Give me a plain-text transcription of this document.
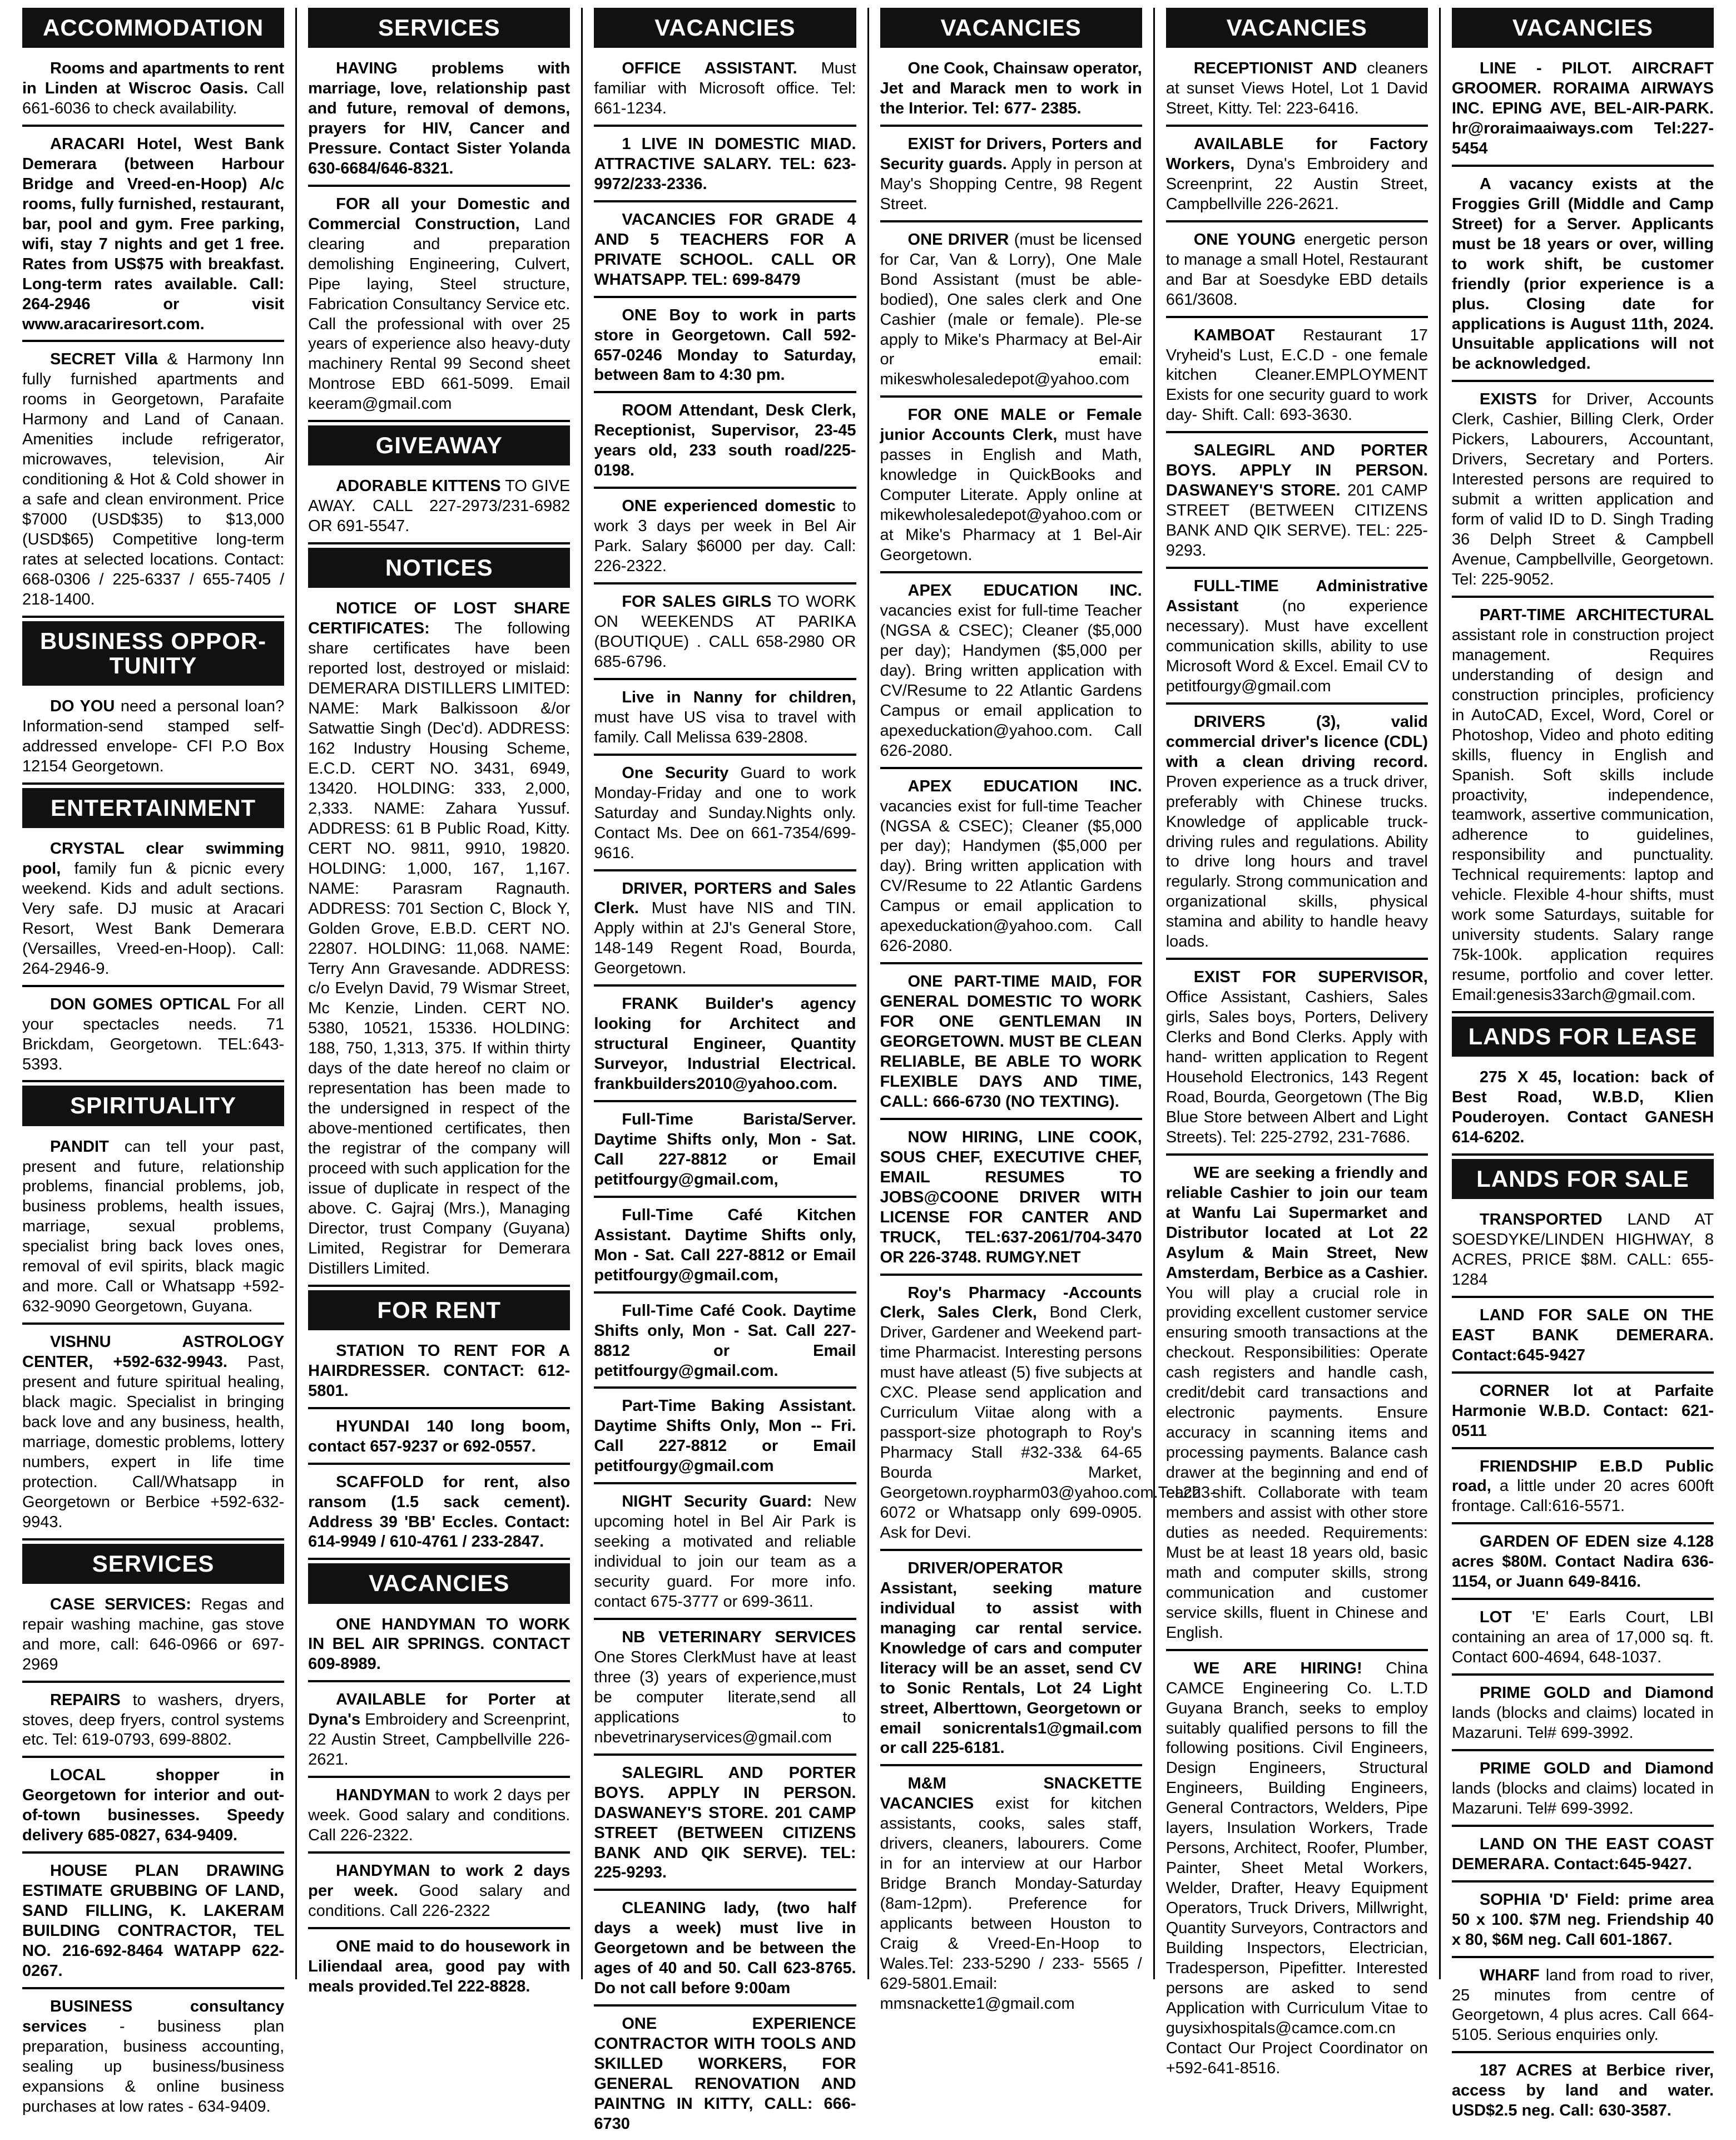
ACCOMMODATION

Rooms and apartments to rent in Linden at Wiscroc Oasis. Call 661-6036 to check availability.

ARACARI Hotel, West Bank Demerara (between Harbour Bridge and Vreed-en-Hoop) A/c rooms, fully furnished, restaurant, bar, pool and gym. Free parking, wifi, stay 7 nights and get 1 free. Rates from US$75 with breakfast. Long-term rates available. Call: 264-2946 or visit www.aracariresort.com.

SECRET Villa & Harmony Inn fully furnished apartments and rooms in Georgetown, Parafaite Harmony and Land of Canaan. Amenities include refrigerator, microwaves, television, Air conditioning & Hot & Cold shower in a safe and clean environment. Price $7000 (USD$35) to $13,000 (USD$65) Competitive long-term rates at selected locations. Contact: 668-0306 / 225-6337 / 655-7405 / 218-1400.

BUSINESS OPPOR-TUNITY

DO YOU need a personal loan? Information-send stamped self-addressed envelope- CFI P.O Box 12154 Georgetown.

ENTERTAINMENT

CRYSTAL clear swimming pool, family fun & picnic every weekend. Kids and adult sections. Very safe. DJ music at Aracari Resort, West Bank Demerara (Versailles, Vreed-en-Hoop). Call: 264-2946-9.

DON GOMES OPTICAL For all your spectacles needs. 71 Brickdam, Georgetown. TEL:643-5393.

SPIRITUALITY

PANDIT can tell your past, present and future, relationship problems, financial problems, job, business problems, health issues, marriage, sexual problems, specialist bring back loves ones, removal of evil spirits, black magic and more. Call or Whatsapp +592-632-9090 Georgetown, Guyana.

VISHNU ASTROLOGY CENTER, +592-632-9943. Past, present and future spiritual healing, black magic. Specialist in bringing back love and any business, health, marriage, domestic problems, lottery numbers, expert in life time protection. Call/Whatsapp in Georgetown or Berbice +592-632-9943.

SERVICES

CASE SERVICES: Regas and repair washing machine, gas stove and more, call: 646-0966 or 697-2969

REPAIRS to washers, dryers, stoves, deep fryers, control systems etc. Tel: 619-0793, 699-8802.

LOCAL shopper in Georgetown for interior and out-of-town businesses. Speedy delivery 685-0827, 634-9409.

HOUSE PLAN DRAWING ESTIMATE GRUBBING OF LAND, SAND FILLING, K. LAKERAM BUILDING CONTRACTOR, TEL NO. 216-692-8464 WATAPP 622-0267.

BUSINESS consultancy services - business plan preparation, business accounting, sealing up business/business expansions & online business purchases at low rates - 634-9409.

SERVICES

HAVING problems with marriage, love, relationship past and future, removal of demons, prayers for HIV, Cancer and Pressure. Contact Sister Yolanda 630-6684/646-8321.

FOR all your Domestic and Commercial Construction, Land clearing and preparation demolishing Engineering, Culvert, Pipe laying, Steel structure, Fabrication Consultancy Service etc. Call the professional with over 25 years of experience also heavy-duty machinery Rental 99 Second sheet Montrose EBD 661-5099. Email keeram@gmail.com

GIVEAWAY

ADORABLE KITTENS TO GIVE AWAY. CALL 227-2973/231-6982 OR 691-5547.

NOTICES

NOTICE OF LOST SHARE CERTIFICATES: The following share certificates have been reported lost, destroyed or mislaid: DEMERARA DISTILLERS LIMITED: NAME: Mark Balkissoon &/or Satwattie Singh (Dec'd). ADDRESS: 162 Industry Housing Scheme, E.C.D. CERT NO. 3431, 6949, 13420. HOLDING: 333, 2,000, 2,333. NAME: Zahara Yussuf. ADDRESS: 61 B Public Road, Kitty. CERT NO. 9811, 9910, 19820. HOLDING: 1,000, 167, 1,167. NAME: Parasram Ragnauth. ADDRESS: 701 Section C, Block Y, Golden Grove, E.B.D. CERT NO. 22807. HOLDING: 11,068. NAME: Terry Ann Gravesande. ADDRESS: c/o Evelyn David, 79 Wismar Street, Mc Kenzie, Linden. CERT NO. 5380, 10521, 15336. HOLDING: 188, 750, 1,313, 375. If within thirty days of the date hereof no claim or representation has been made to the undersigned in respect of the above-mentioned certificates, then the registrar of the company will proceed with such application for the issue of duplicate in respect of the above. C. Gajraj (Mrs.), Managing Director, trust Company (Guyana) Limited, Registrar for Demerara Distillers Limited.

FOR RENT

STATION TO RENT FOR A HAIRDRESSER. CONTACT: 612-5801.

HYUNDAI 140 long boom, contact 657-9237 or 692-0557.

SCAFFOLD for rent, also ransom (1.5 sack cement). Address 39 'BB' Eccles. Contact: 614-9949 / 610-4761 / 233-2847.

VACANCIES

ONE HANDYMAN TO WORK IN BEL AIR SPRINGS. CONTACT 609-8989.

AVAILABLE for Porter at Dyna's Embroidery and Screenprint, 22 Austin Street, Campbellville 226-2621.

HANDYMAN to work 2 days per week. Good salary and conditions. Call 226-2322.

HANDYMAN to work 2 days per week. Good salary and conditions. Call 226-2322

ONE maid to do housework in Liliendaal area, good pay with meals provided.Tel 222-8828.

VACANCIES

OFFICE ASSISTANT. Must familiar with Microsoft office. Tel: 661-1234.

1 LIVE IN DOMESTIC MIAD. ATTRACTIVE SALARY. TEL: 623-9972/233-2336.

VACANCIES FOR GRADE 4 AND 5 TEACHERS FOR A PRIVATE SCHOOL. CALL OR WHATSAPP. TEL: 699-8479

ONE Boy to work in parts store in Georgetown. Call 592-657-0246 Monday to Saturday, between 8am to 4:30 pm.

ROOM Attendant, Desk Clerk, Receptionist, Supervisor, 23-45 years old, 233 south road/225-0198.

ONE experienced domestic to work 3 days per week in Bel Air Park. Salary $6000 per day. Call: 226-2322.

FOR SALES GIRLS TO WORK ON WEEKENDS AT PARIKA (BOUTIQUE) . CALL 658-2980 OR 685-6796.

Live in Nanny for children, must have US visa to travel with family. Call Melissa 639-2808.

One Security Guard to work Monday-Friday and one to work Saturday and Sunday.Nights only. Contact Ms. Dee on 661-7354/699-9616.

DRIVER, PORTERS and Sales Clerk. Must have NIS and TIN. Apply within at 2J's General Store, 148-149 Regent Road, Bourda, Georgetown.

FRANK Builder's agency looking for Architect and structural Engineer, Quantity Surveyor, Industrial Electrical. frankbuilders2010@yahoo.com.

Full-Time Barista/Server. Daytime Shifts only, Mon - Sat. Call 227-8812 or Email petitfourgy@gmail.com,

Full-Time Café Kitchen Assistant. Daytime Shifts only, Mon - Sat. Call 227-8812 or Email petitfourgy@gmail.com,

Full-Time Café Cook. Daytime Shifts only, Mon - Sat. Call 227-8812 or Email petitfourgy@gmail.com.

Part-Time Baking Assistant. Daytime Shifts Only, Mon -- Fri. Call 227-8812 or Email petitfourgy@gmail.com

NIGHT Security Guard: New upcoming hotel in Bel Air Park is seeking a motivated and reliable individual to join our team as a security guard. For more info. contact 675-3777 or 699-3611.

NB VETERINARY SERVICES One Stores ClerkMust have at least three (3) years of experience,must be computer literate,send all applications to nbevetrinaryservices@gmail.com

SALEGIRL AND PORTER BOYS. APPLY IN PERSON. DASWANEY'S STORE. 201 CAMP STREET (BETWEEN CITIZENS BANK AND QIK SERVE). TEL: 225-9293.

CLEANING lady, (two half days a week) must live in Georgetown and be between the ages of 40 and 50. Call 623-8765. Do not call before 9:00am

ONE EXPERIENCE CONTRACTOR WITH TOOLS AND SKILLED WORKERS, FOR GENERAL RENOVATION AND PAINTNG IN KITTY, CALL: 666-6730

VACANCIES

One Cook, Chainsaw operator, Jet and Marack men to work in the Interior. Tel: 677- 2385.

EXIST for Drivers, Porters and Security guards. Apply in person at May's Shopping Centre, 98 Regent Street.

ONE DRIVER (must be licensed for Car, Van & Lorry), One Male Bond Assistant (must be able-bodied), One sales clerk and One Cashier (male or female). Ple-se apply to Mike's Pharmacy at Bel-Air or email: mikeswholesaledepot@yahoo.com

FOR ONE MALE or Female junior Accounts Clerk, must have passes in English and Math, knowledge in QuickBooks and Computer Literate. Apply online at mikewholesaledepot@yahoo.com or at Mike's Pharmacy at 1 Bel-Air Georgetown.

APEX EDUCATION INC. vacancies exist for full-time Teacher (NGSA & CSEC); Cleaner ($5,000 per day); Handymen ($5,000 per day). Bring written application with CV/Resume to 22 Atlantic Gardens Campus or email application to apexeduckation@yahoo.com. Call 626-2080.

APEX EDUCATION INC. vacancies exist for full-time Teacher (NGSA & CSEC); Cleaner ($5,000 per day); Handymen ($5,000 per day). Bring written application with CV/Resume to 22 Atlantic Gardens Campus or email application to apexeduckation@yahoo.com. Call 626-2080.

ONE PART-TIME MAID, FOR GENERAL DOMESTIC TO WORK FOR ONE GENTLEMAN IN GEORGETOWN. MUST BE CLEAN RELIABLE, BE ABLE TO WORK FLEXIBLE DAYS AND TIME, CALL: 666-6730 (NO TEXTING).

NOW HIRING, LINE COOK, SOUS CHEF, EXECUTIVE CHEF, EMAIL RESUMES TO JOBS@COONE DRIVER WITH LICENSE FOR CANTER AND TRUCK, TEL:637-2061/704-3470 OR 226-3748. RUMGY.NET

Roy's Pharmacy -Accounts Clerk, Sales Clerk, Bond Clerk, Driver, Gardener and Weekend part-time Pharmacist. Interesting persons must have atleast (5) five subjects at CXC. Please send application and Curriculum Viitae along with a passport-size photograph to Roy's Pharmacy Stall #32-33& 64-65 Bourda Market, Georgetown.roypharm03@yahoo.com.Tel:223-6072 or Whatsapp only 699-0905. Ask for Devi.

DRIVER/OPERATOR Assistant, seeking mature individual to assist with managing car rental service. Knowledge of cars and computer literacy will be an asset, send CV to Sonic Rentals, Lot 24 Light street, Alberttown, Georgetown or email sonicrentals1@gmail.com or call 225-6181.

M&M SNACKETTE VACANCIES exist for kitchen assistants, cooks, sales staff, drivers, cleaners, labourers. Come in for an interview at our Harbor Bridge Branch Monday-Saturday (8am-12pm). Preference for applicants between Houston to Craig & Vreed-En-Hoop to Wales.Tel: 233-5290 / 233- 5565 / 629-5801.Email: mmsnackette1@gmail.com

VACANCIES

RECEPTIONIST AND cleaners at sunset Views Hotel, Lot 1 David Street, Kitty. Tel: 223-6416.

AVAILABLE for Factory Workers, Dyna's Embroidery and Screenprint, 22 Austin Street, Campbellville 226-2621.

ONE YOUNG energetic person to manage a small Hotel, Restaurant and Bar at Soesdyke EBD details 661/3608.

KAMBOAT Restaurant 17 Vryheid's Lust, E.C.D - one female kitchen Cleaner.EMPLOYMENT Exists for one security guard to work day- Shift. Call: 693-3630.

SALEGIRL AND PORTER BOYS. APPLY IN PERSON. DASWANEY'S STORE. 201 CAMP STREET (BETWEEN CITIZENS BANK AND QIK SERVE). TEL: 225-9293.

FULL-TIME Administrative Assistant (no experience necessary). Must have excellent communication skills, ability to use Microsoft Word & Excel. Email CV to petitfourgy@gmail.com

DRIVERS (3), valid commercial driver's licence (CDL) with a clean driving record. Proven experience as a truck driver, preferably with Chinese trucks. Knowledge of applicable truck-driving rules and regulations. Ability to drive long hours and travel regularly. Strong communication and organizational skills, physical stamina and ability to handle heavy loads.

EXIST FOR SUPERVISOR, Office Assistant, Cashiers, Sales girls, Sales boys, Porters, Delivery Clerks and Bond Clerks. Apply with hand- written application to Regent Household Electronics, 143 Regent Road, Bourda, Georgetown (The Big Blue Store between Albert and Light Streets). Tel: 225-2792, 231-7686.

WE are seeking a friendly and reliable Cashier to join our team at Wanfu Lai Supermarket and Distributor located at Lot 22 Asylum & Main Street, New Amsterdam, Berbice as a Cashier. You will play a crucial role in providing excellent customer service ensuring smooth transactions at the checkout. Responsibilities: Operate cash registers and handle cash, credit/debit card transactions and electronic payments. Ensure accuracy in scanning items and processing payments. Balance cash drawer at the beginning and end of each shift. Collaborate with team members and assist with other store duties as needed. Requirements: Must be at least 18 years old, basic math and computer skills, strong communication and customer service skills, fluent in Chinese and English.

WE ARE HIRING! China CAMCE Engineering Co. L.T.D Guyana Branch, seeks to employ suitably qualified persons to fill the following positions. Civil Engineers, Design Engineers, Structural Engineers, Building Engineers, General Contractors, Welders, Pipe layers, Insulation Workers, Trade Persons, Architect, Roofer, Plumber, Painter, Sheet Metal Workers, Welder, Drafter, Heavy Equipment Operators, Truck Drivers, Millwright, Quantity Surveyors, Contractors and Building Inspectors, Electrician, Tradesperson, Pipefitter. Interested persons are asked to send Application with Curriculum Vitae to guysixhospitals@camce.com.cn Contact Our Project Coordinator on +592-641-8516.

VACANCIES

LINE - PILOT. AIRCRAFT GROOMER. RORAIMA AIRWAYS INC. EPING AVE, BEL-AIR-PARK. hr@roraimaaiways.com Tel:227-5454

A vacancy exists at the Froggies Grill (Middle and Camp Street) for a Server. Applicants must be 18 years or over, willing to work shift, be customer friendly (prior experience is a plus. Closing date for applications is August 11th, 2024. Unsuitable applications will not be acknowledged.

EXISTS for Driver, Accounts Clerk, Cashier, Billing Clerk, Order Pickers, Labourers, Accountant, Drivers, Secretary and Porters. Interested persons are required to submit a written application and form of valid ID to D. Singh Trading 36 Delph Street & Campbell Avenue, Campbellville, Georgetown. Tel: 225-9052.

PART-TIME ARCHITECTURAL assistant role in construction project management. Requires understanding of design and construction principles, proficiency in AutoCAD, Excel, Word, Corel or Photoshop, Video and photo editing skills, fluency in English and Spanish. Soft skills include proactivity, independence, teamwork, assertive communication, adherence to guidelines, responsibility and punctuality. Technical requirements: laptop and vehicle. Flexible 4-hour shifts, must work some Saturdays, suitable for university students. Salary range 75k-100k. application requires resume, portfolio and cover letter. Email:genesis33arch@gmail.com.

LANDS FOR LEASE

275 X 45, location: back of Best Road, W.B.D, Klien Pouderoyen. Contact GANESH 614-6202.

LANDS FOR SALE

TRANSPORTED LAND AT SOESDYKE/LINDEN HIGHWAY, 8 ACRES, PRICE $8M. CALL: 655-1284

LAND FOR SALE ON THE EAST BANK DEMERARA. Contact:645-9427

CORNER lot at Parfaite Harmonie W.B.D. Contact: 621-0511

FRIENDSHIP E.B.D Public road, a little under 20 acres 600ft frontage. Call:616-5571.

GARDEN OF EDEN size 4.128 acres $80M. Contact Nadira 636-1154, or Juann 649-8416.

LOT 'E' Earls Court, LBI containing an area of 17,000 sq. ft. Contact 600-4694, 648-1037.

PRIME GOLD and Diamond lands (blocks and claims) located in Mazaruni. Tel# 699-3992.

PRIME GOLD and Diamond lands (blocks and claims) located in Mazaruni. Tel# 699-3992.

LAND ON THE EAST COAST DEMERARA. Contact:645-9427.

SOPHIA 'D' Field: prime area 50 x 100. $7M neg. Friendship 40 x 80, $6M neg. Call 601-1867.

WHARF land from road to river, 25 minutes from centre of Georgetown, 4 plus acres. Call 664-5105. Serious enquiries only.

187 ACRES at Berbice river, access by land and water. USD$2.5 neg. Call: 630-3587.
